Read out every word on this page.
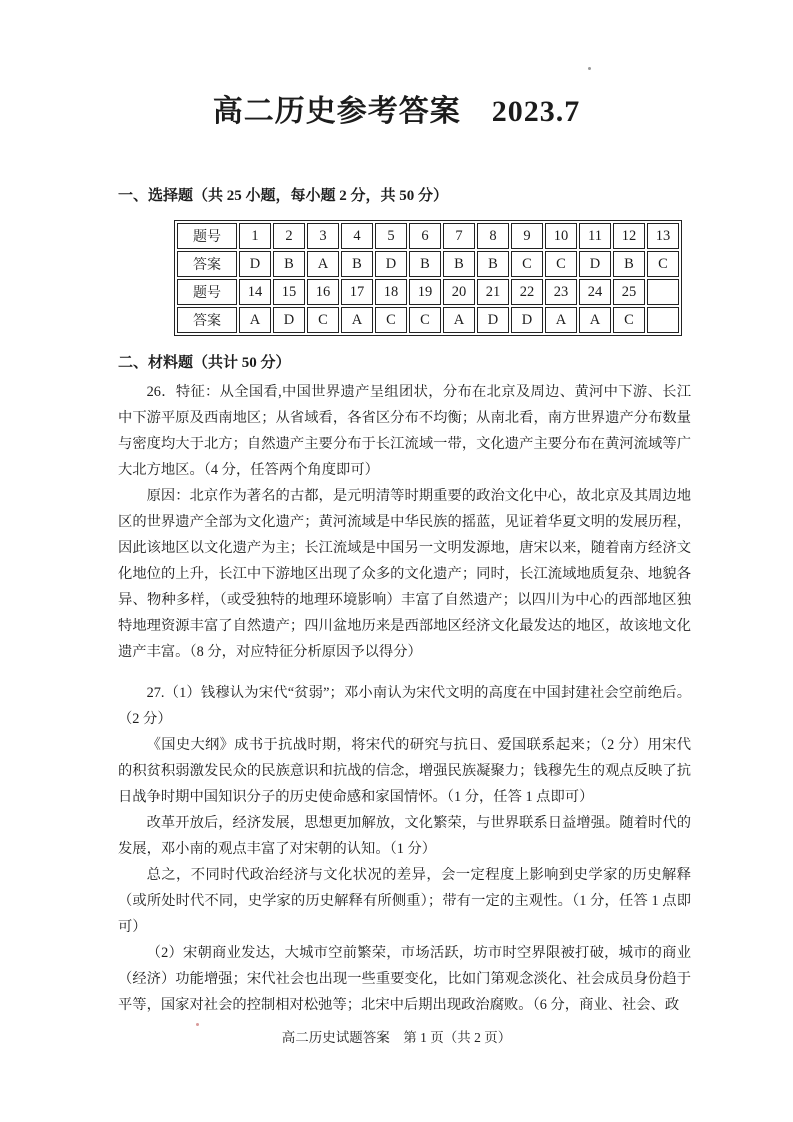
高二历史参考答案　2023.7
一、选择题（共 25 小题，每小题 2 分，共 50 分）
题号	1	2	3	4	5	6	7	8	9	10	11	12	13
答案	D	B	A	B	D	B	B	B	C	C	D	B	C
题号	14	15	16	17	18	19	20	21	22	23	24	25	
答案	A	D	C	A	C	C	A	D	D	A	A	C	
二、材料题（共计 50 分）

26．特征：从全国看,中国世界遗产呈组团状，分布在北京及周边、黄河中下游、长江中下游平原及西南地区；从省域看，各省区分布不均衡；从南北看，南方世界遗产分布数量与密度均大于北方；自然遗产主要分布于长江流域一带，文化遗产主要分布在黄河流域等广大北方地区。（4 分，任答两个角度即可）

原因：北京作为著名的古都，是元明清等时期重要的政治文化中心，故北京及其周边地区的世界遗产全部为文化遗产；黄河流域是中华民族的摇蓝，见证着华夏文明的发展历程，因此该地区以文化遗产为主；长江流域是中国另一文明发源地，唐宋以来，随着南方经济文化地位的上升，长江中下游地区出现了众多的文化遗产；同时，长江流域地质复杂、地貌各异、物种多样，（或受独特的地理环境影响）丰富了自然遗产；以四川为中心的西部地区独特地理资源丰富了自然遗产；四川盆地历来是西部地区经济文化最发达的地区，故该地文化遗产丰富。（8 分，对应特征分析原因予以得分）

27.（1）钱穆认为宋代“贫弱”；邓小南认为宋代文明的高度在中国封建社会空前绝后。（2 分）

《国史大纲》成书于抗战时期，将宋代的研究与抗日、爱国联系起来；（2 分）用宋代的积贫积弱激发民众的民族意识和抗战的信念，增强民族凝聚力；钱穆先生的观点反映了抗日战争时期中国知识分子的历史使命感和家国情怀。（1 分，任答 1 点即可）

改革开放后，经济发展，思想更加解放，文化繁荣，与世界联系日益增强。随着时代的发展，邓小南的观点丰富了对宋朝的认知。（1 分）

总之，不同时代政治经济与文化状况的差异，会一定程度上影响到史学家的历史解释（或所处时代不同，史学家的历史解释有所侧重）；带有一定的主观性。（1 分，任答 1 点即可）

（2）宋朝商业发达，大城市空前繁荣，市场活跃，坊市时空界限被打破，城市的商业（经济）功能增强；宋代社会也出现一些重要变化，比如门第观念淡化、社会成员身份趋于平等，国家对社会的控制相对松弛等；北宋中后期出现政治腐败。（6 分，商业、社会、政

高二历史试题答案　第 1 页（共 2 页）
